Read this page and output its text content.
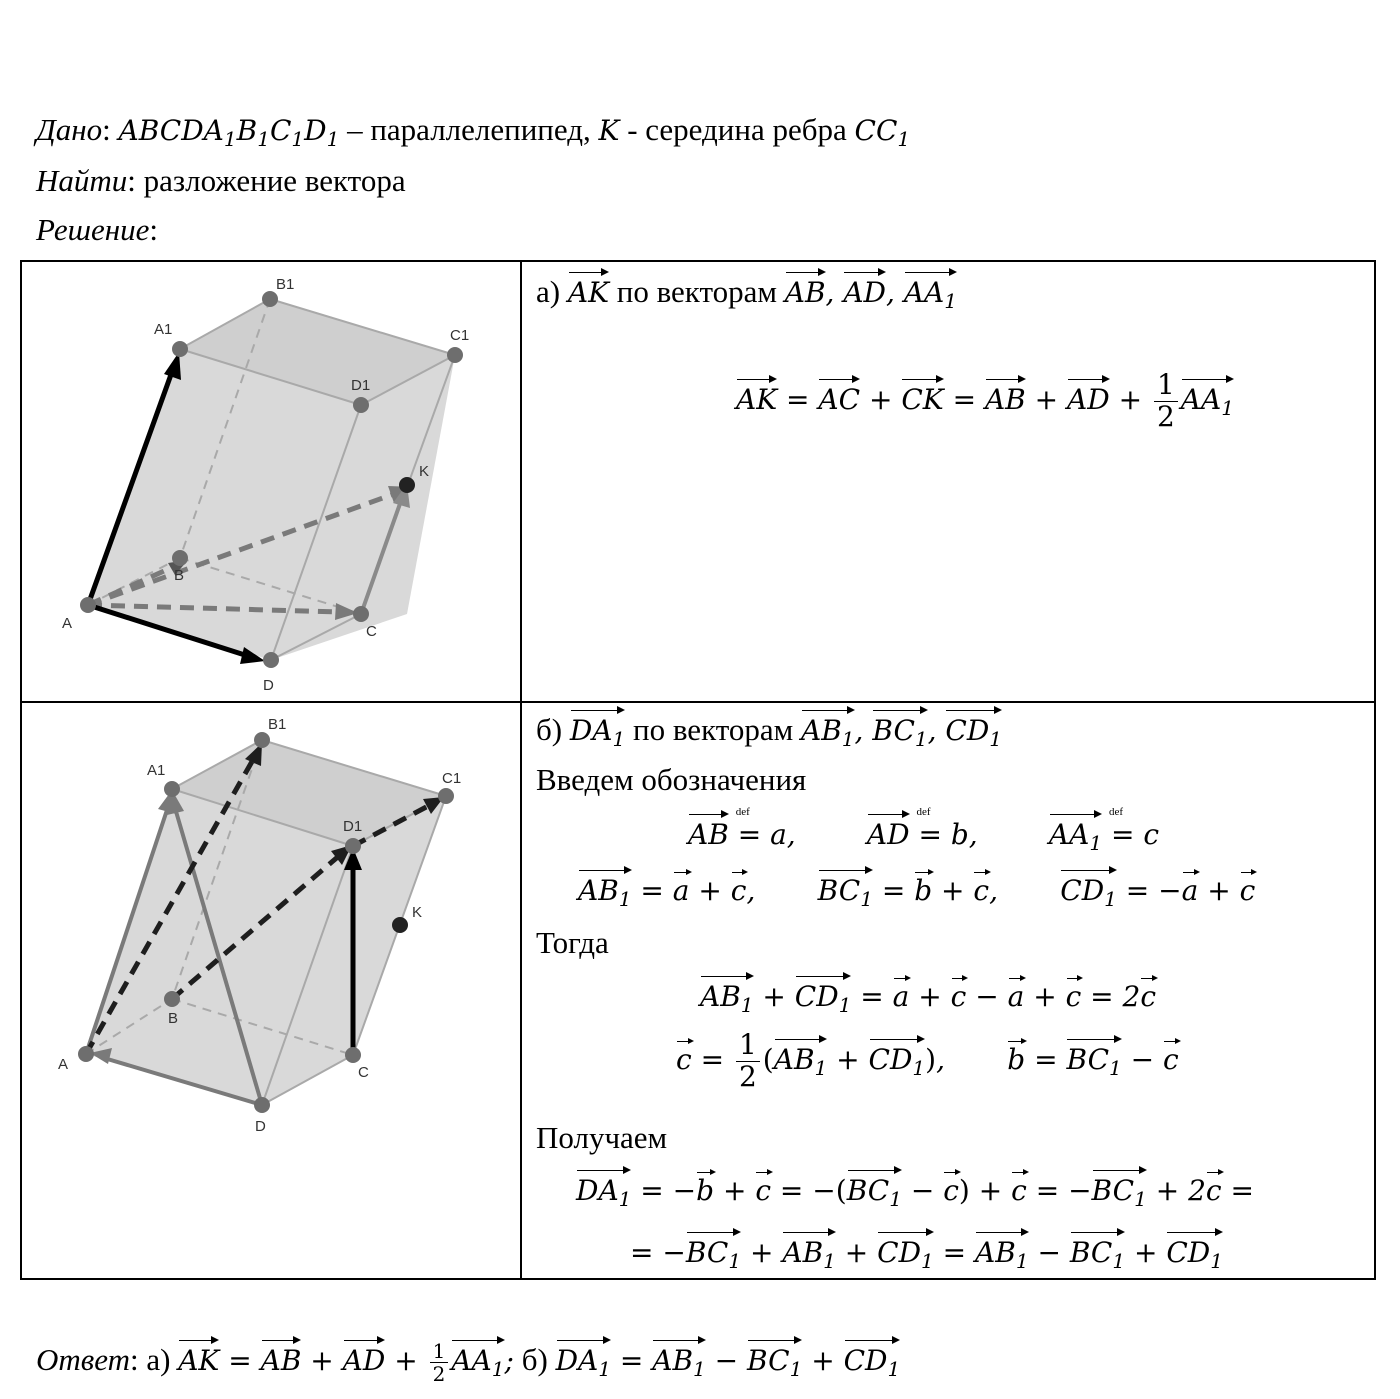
Дано: $ABCDA_1B_1C_1D_1$ – параллелепипед, K - середина ребра $CC_1$
Найти: разложение вектора
Решение:
A
B
C
D
A1
B1
C1
D1
K
A
B
C
D
A1
B1
C1
D1
K
а) AK по векторам AB, AD, $AA_1$
AK = AC + CK = AB + AD + $\frac{1}{2} AA_1$
б) $DA_1$ по векторам $AB_1$, $BC_1$, $CD_1$
Введем обозначения
AB
def
= a,        AD
def
= b,        $AA_1$
def
= c
$AB_1 = a + c$,       $BC_1 = b + c$,       $CD_1 = -a + c$
Тогда
$AB_1 + CD_1 = a + c - a + c = 2c$
$c = \frac{1}{2} (AB_1 + CD_1)$,       $b = BC_1 - c$
Получаем
$DA_1 = -b + c = -(BC_1 - c) + c = -BC_1 + 2c$ =
= $-BC_1 + AB_1 + CD_1 = AB_1 - BC_1 + CD_1$
Ответ: а) AK = AB + AD + $\frac{1}{2} AA_1$; б) $DA_1 = AB_1 - BC_1 + CD_1$
